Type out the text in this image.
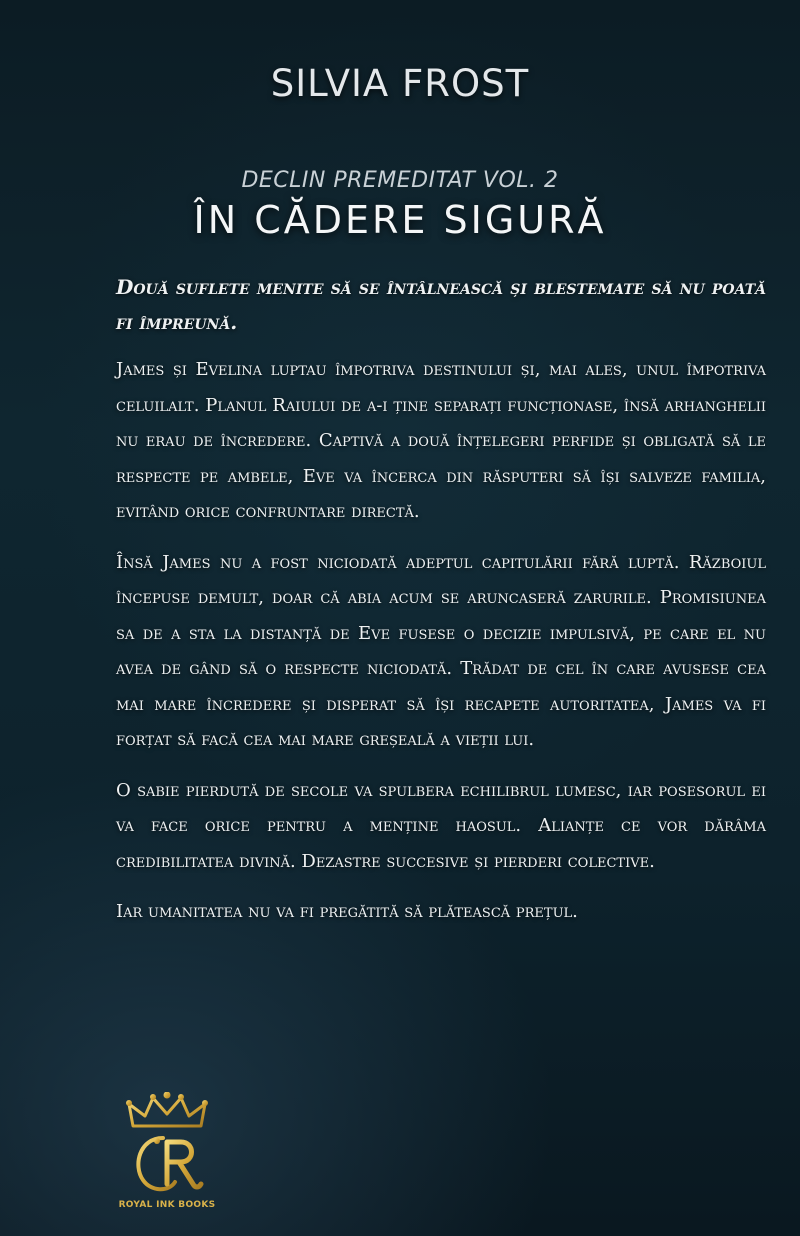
SILVIA FROST
DECLIN PREMEDITAT VOL. 2
ÎN CĂDERE SIGURĂ

Două suflete menite să se întâlnească și blestemate să nu poată fi împreună.

James și Evelina luptau împotriva destinului și, mai ales, unul împotriva celuilalt. Planul Raiului de a-i ține separați funcționase, însă arhanghelii nu erau de încredere. Captivă a două înțelegeri perfide și obligată să le respecte pe ambele, Eve va încerca din răsputeri să își salveze familia, evitând orice confruntare directă.

Însă James nu a fost niciodată adeptul capitulării fără luptă. Războiul începuse demult, doar că abia acum se aruncaseră zarurile. Promisiunea sa de a sta la distanță de Eve fusese o decizie impulsivă, pe care el nu avea de gând să o respecte niciodată. Trădat de cel în care avusese cea mai mare încredere și disperat să își recapete autoritatea, James va fi forțat să facă cea mai mare greșeală a vieții lui.

O sabie pierdută de secole va spulbera echilibrul lumesc, iar posesorul ei va face orice pentru a menține haosul. Alianțe ce vor dărâma credibilitatea divină. Dezastre succesive și pierderi colective.

Iar umanitatea nu va fi pregătită să plătească prețul.

ROYAL INK BOOKS
